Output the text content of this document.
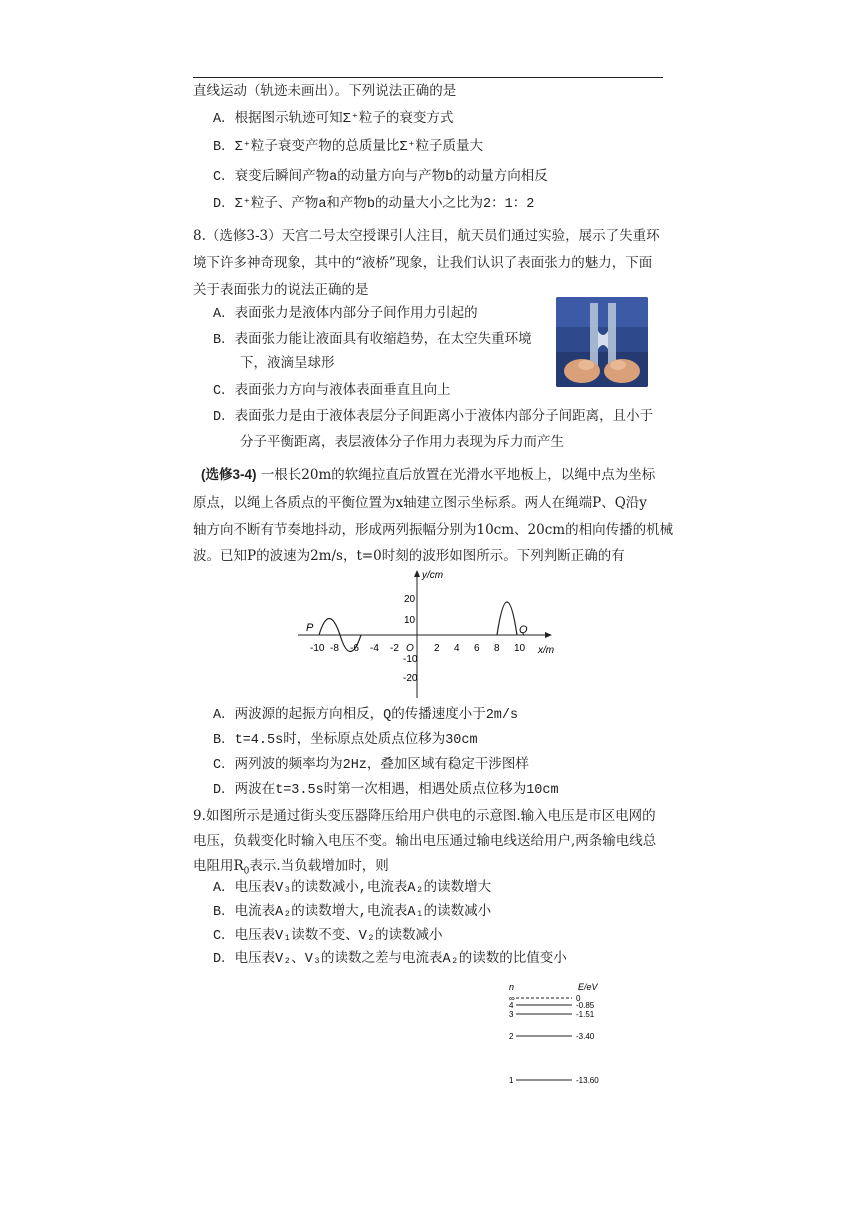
直线运动（轨迹未画出）。下列说法正确的是
A．根据图示轨迹可知Σ⁺粒子的衰变方式
B．Σ⁺粒子衰变产物的总质量比Σ⁺粒子质量大
C．衰变后瞬间产物a的动量方向与产物b的动量方向相反
D．Σ⁺粒子、产物a和产物b的动量大小之比为2：1：2
8.（选修3-3）天宫二号太空授课引人注目，航天员们通过实验，展示了失重环
境下许多神奇现象，其中的“液桥”现象，让我们认识了表面张力的魅力，下面
关于表面张力的说法正确的是
A．表面张力是液体内部分子间作用力引起的
B．表面张力能让液面具有收缩趋势，在太空失重环境
下，液滴呈球形
C．表面张力方向与液体表面垂直且向上
D．表面张力是由于液体表层分子间距离小于液体内部分子间距离，且小于
分子平衡距离，表层液体分子作用力表现为斥力而产生
(选修3-4) 一根长20m的软绳拉直后放置在光滑水平地板上，以绳中点为坐标
原点，以绳上各质点的平衡位置为x轴建立图示坐标系。两人在绳端P、Q沿y
轴方向不断有节奏地抖动，形成两列振幅分别为10cm、20cm的相向传播的机械
波。已知P的波速为2m/s，t=0时刻的波形如图所示。下列判断正确的有
y/cm
x/m
O
20
10
-10
-20
-10 -8 -6 -4 -2	2 4 6 8 10
P	Q
A．两波源的起振方向相反，Q的传播速度小于2m/s
B．t=4.5s时，坐标原点处质点位移为30cm
C．两列波的频率均为2Hz，叠加区域有稳定干涉图样
D．两波在t=3.5s时第一次相遇，相遇处质点位移为10cm
9.如图所示是通过街头变压器降压给用户供电的示意图.输入电压是市区电网的
电压，负载变化时输入电压不变。输出电压通过输电线送给用户,两条输电线总
电阻用$R_0$表示.当负载增加时，则
A．电压表V₃的读数减小,电流表A₂的读数增大
B．电流表A₂的读数增大,电流表A₁的读数减小
C．电压表V₁读数不变、V₂的读数减小
D．电压表V₂、V₃的读数之差与电流表A₂的读数的比值变小
n	E/eV
∞	0
4	-0.85
3	-1.51
2	-3.40
1	-13.60
